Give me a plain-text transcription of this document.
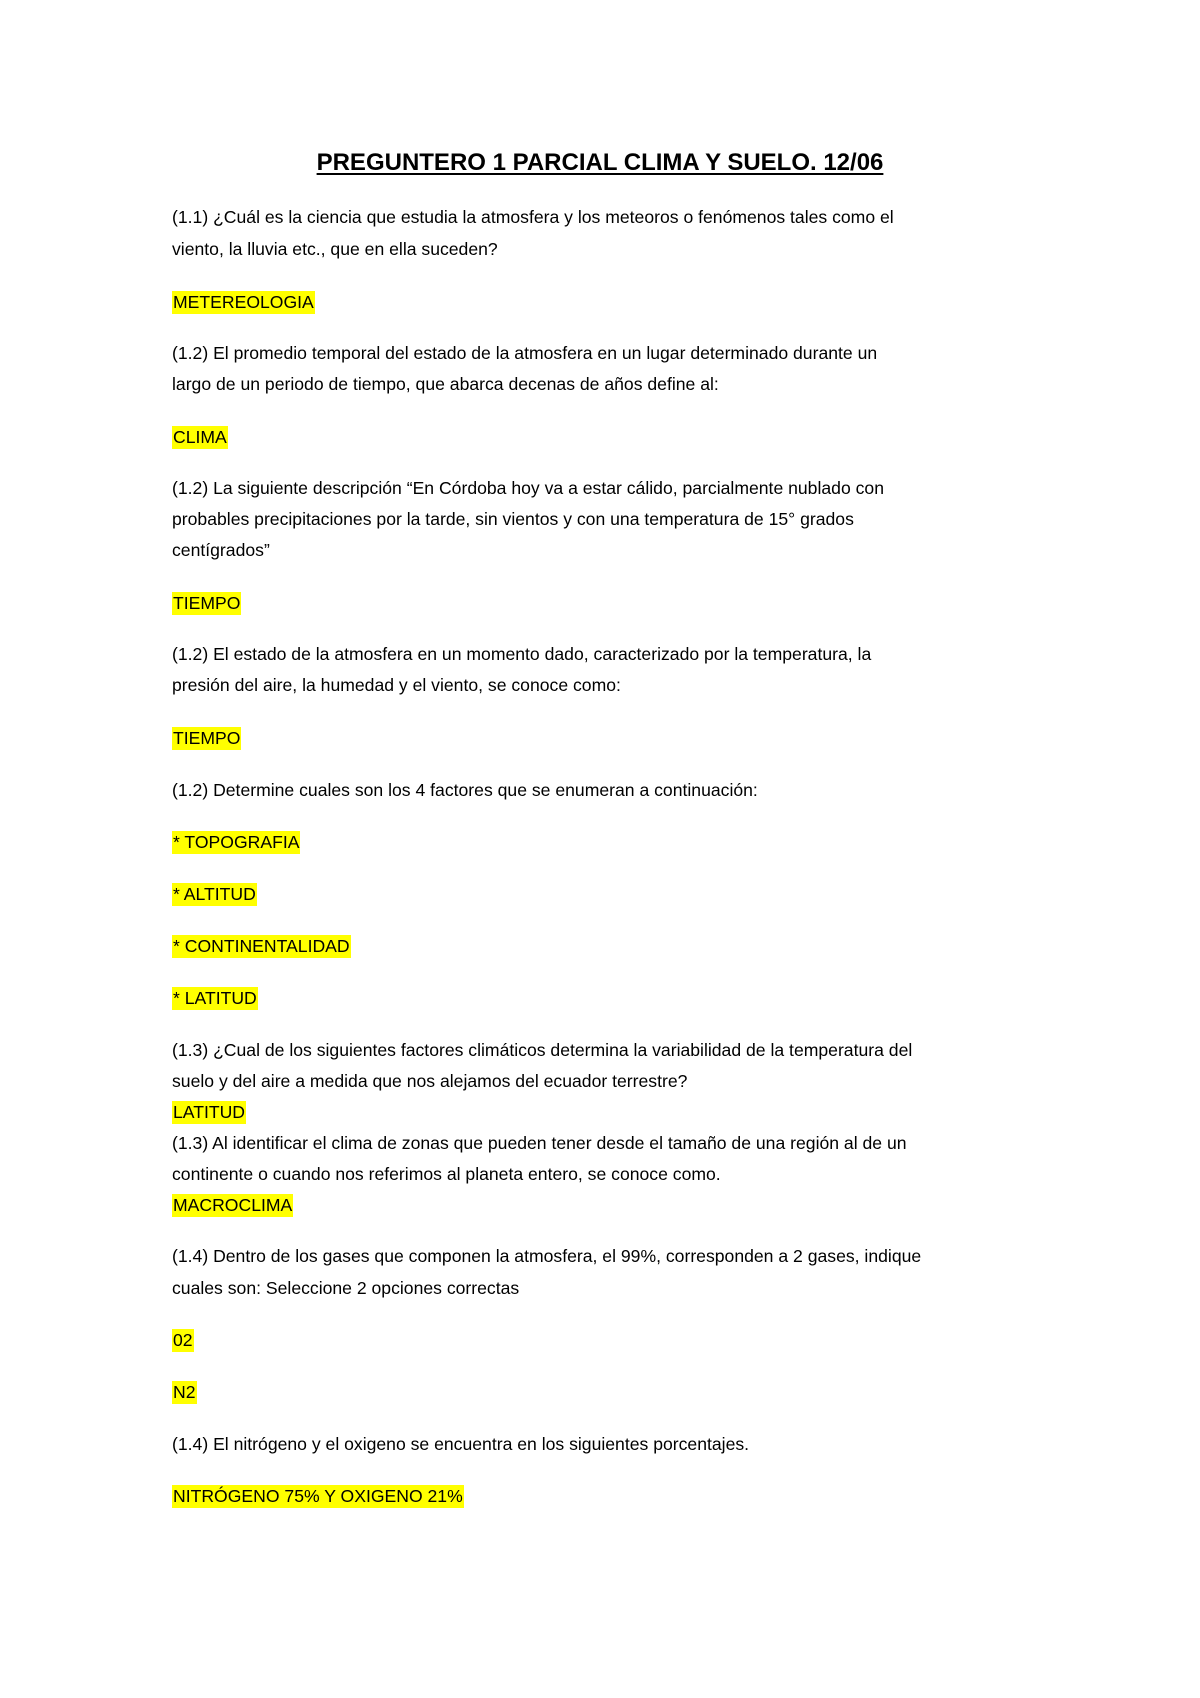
PREGUNTERO 1 PARCIAL CLIMA Y SUELO. 12/06
(1.1) ¿Cuál es la ciencia que estudia la atmosfera y los meteoros o fenómenos tales como el
viento, la lluvia etc., que en ella suceden?
METEREOLOGIA
(1.2) El promedio temporal del estado de la atmosfera en un lugar determinado durante un
largo de un periodo de tiempo, que abarca decenas de años define al:
CLIMA
(1.2) La siguiente descripción “En Córdoba hoy va a estar cálido, parcialmente nublado con
probables precipitaciones por la tarde, sin vientos y con una temperatura de 15° grados
centígrados”
TIEMPO
(1.2) El estado de la atmosfera en un momento dado, caracterizado por la temperatura, la
presión del aire, la humedad y el viento, se conoce como:
TIEMPO
(1.2) Determine cuales son los 4 factores que se enumeran a continuación:
* TOPOGRAFIA
* ALTITUD
* CONTINENTALIDAD
* LATITUD
(1.3) ¿Cual de los siguientes factores climáticos determina la variabilidad de la temperatura del
suelo y del aire a medida que nos alejamos del ecuador terrestre?
LATITUD
(1.3) Al identificar el clima de zonas que pueden tener desde el tamaño de una región al de un
continente o cuando nos referimos al planeta entero, se conoce como.
MACROCLIMA
(1.4) Dentro de los gases que componen la atmosfera, el 99%, corresponden a 2 gases, indique
cuales son: Seleccione 2 opciones correctas
02
N2
(1.4) El nitrógeno y el oxigeno se encuentra en los siguientes porcentajes.
NITRÓGENO 75% Y OXIGENO 21%
